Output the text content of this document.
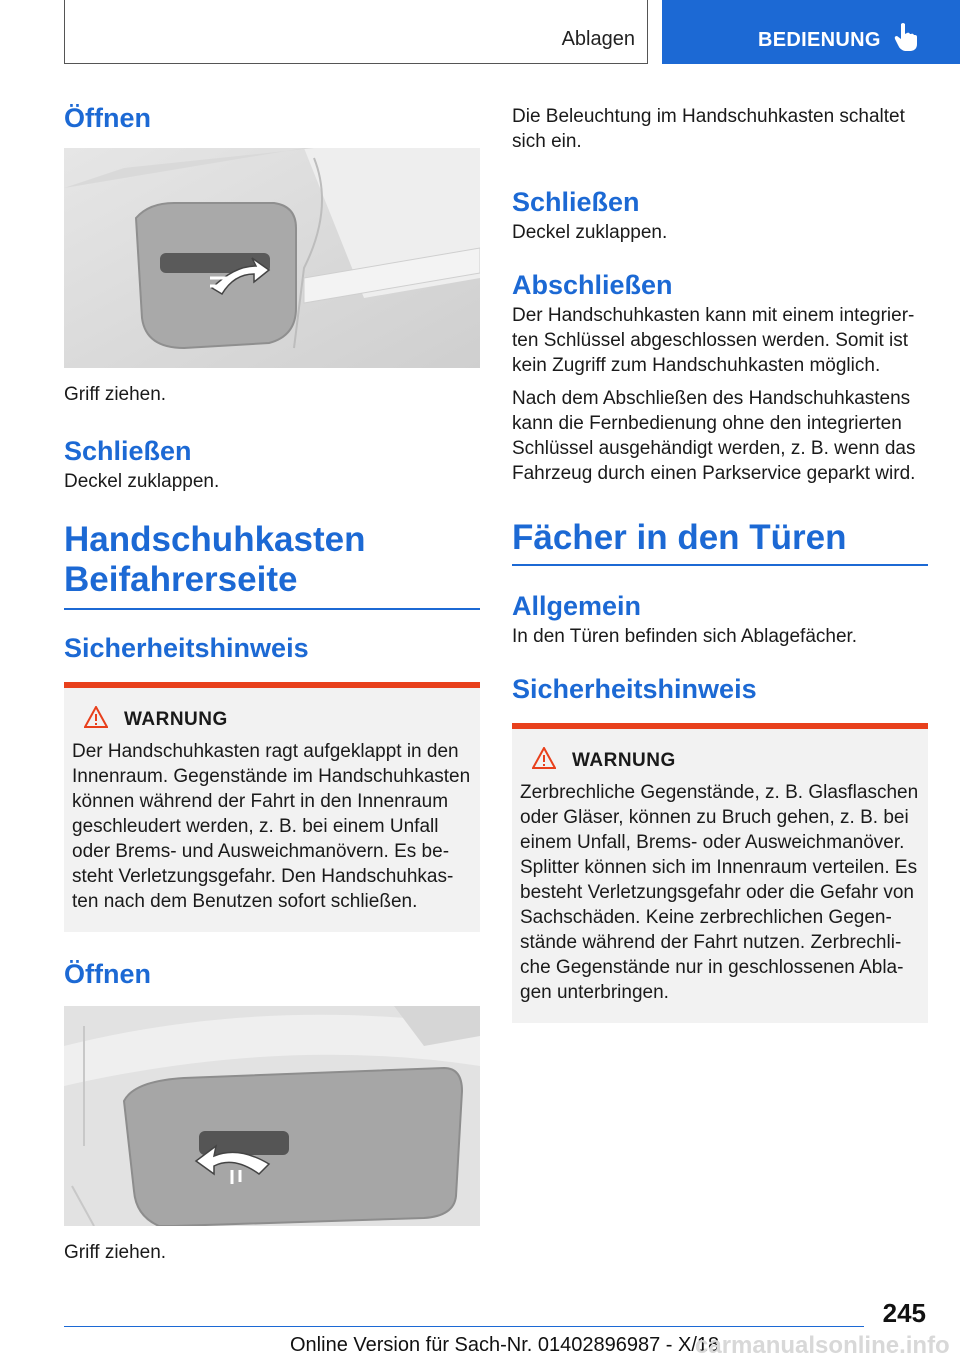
Ablagen	BEDIENUNG
Öffnen

Griff ziehen.

Schließen

Deckel zuklappen.

Handschuhkasten
Beifahrerseite
Sicherheitshinweis
WARNUNG

Der Handschuhkasten ragt aufgeklappt in den Innenraum. Gegenstände im Handschuhkasten können während der Fahrt in den Innenraum geschleudert werden, z. B. bei einem Unfall oder Brems- und Ausweichmanövern. Es besteht Verletzungsgefahr. Den Handschuhkasten nach dem Benutzen sofort schließen.

Öffnen

Griff ziehen.

Die Beleuchtung im Handschuhkasten schaltet sich ein.

Schließen

Deckel zuklappen.

Abschließen

Der Handschuhkasten kann mit einem integrierten Schlüssel abgeschlossen werden. Somit ist kein Zugriff zum Handschuhkasten möglich.

Nach dem Abschließen des Handschuhkastens kann die Fernbedienung ohne den integrierten Schlüssel ausgehändigt werden, z. B. wenn das Fahrzeug durch einen Parkservice geparkt wird.

Fächer in den Türen
Allgemein

In den Türen befinden sich Ablagefächer.

Sicherheitshinweis
WARNUNG

Zerbrechliche Gegenstände, z. B. Glasflaschen oder Gläser, können zu Bruch gehen, z. B. bei einem Unfall, Brems- oder Ausweichmanöver. Splitter können sich im Innenraum verteilen. Es besteht Verletzungsgefahr oder die Gefahr von Sachschäden. Keine zerbrechlichen Gegenstände während der Fahrt nutzen. Zerbrechliche Gegenstände nur in geschlossenen Ablagen unterbringen.

245
Online Version für Sach-Nr. 01402896987 - X/18
carmanualsonline.info
